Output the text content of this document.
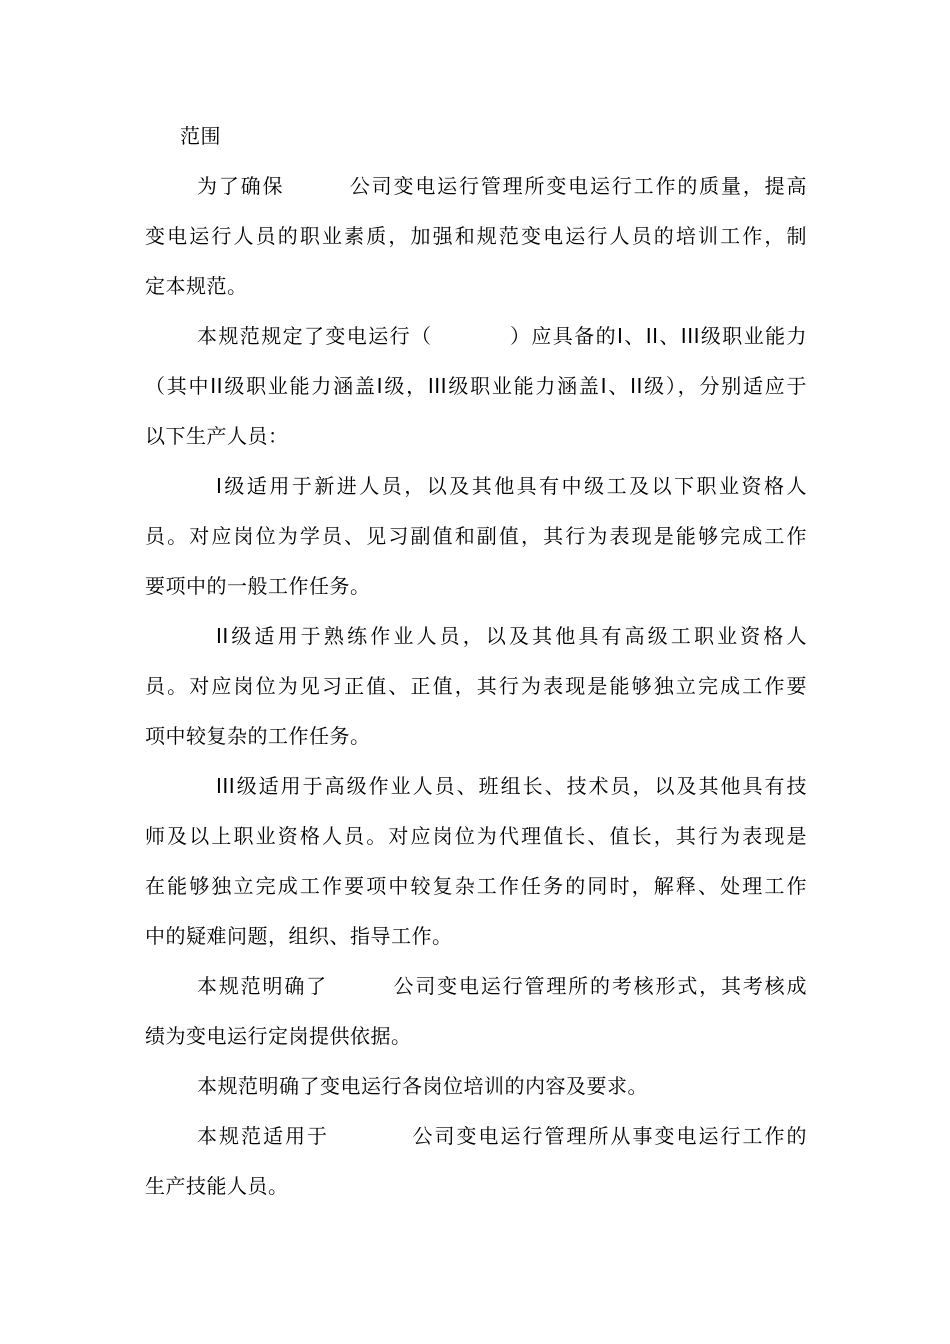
范围
为了确保        公司变电运行管理所变电运行工作的质量，提高
变电运行人员的职业素质，加强和规范变电运行人员的培训工作，制
定本规范。
本规范规定了变电运行（          ）应具备的I、II、III级职业能力
（其中II级职业能力涵盖I级，III级职业能力涵盖I、II级），分别适应于
以下生产人员：
I级适用于新进人员，以及其他具有中级工及以下职业资格人
员。对应岗位为学员、见习副值和副值，其行为表现是能够完成工作
要项中的一般工作任务。
II级适用于熟练作业人员，以及其他具有高级工职业资格人
员。对应岗位为见习正值、正值，其行为表现是能够独立完成工作要
项中较复杂的工作任务。
III级适用于高级作业人员、班组长、技术员，以及其他具有技
师及以上职业资格人员。对应岗位为代理值长、值长，其行为表现是
在能够独立完成工作要项中较复杂工作任务的同时，解释、处理工作
中的疑难问题，组织、指导工作。
本规范明确了        公司变电运行管理所的考核形式，其考核成
绩为变电运行定岗提供依据。
本规范明确了变电运行各岗位培训的内容及要求。
本规范适用于          公司变电运行管理所从事变电运行工作的
生产技能人员。
